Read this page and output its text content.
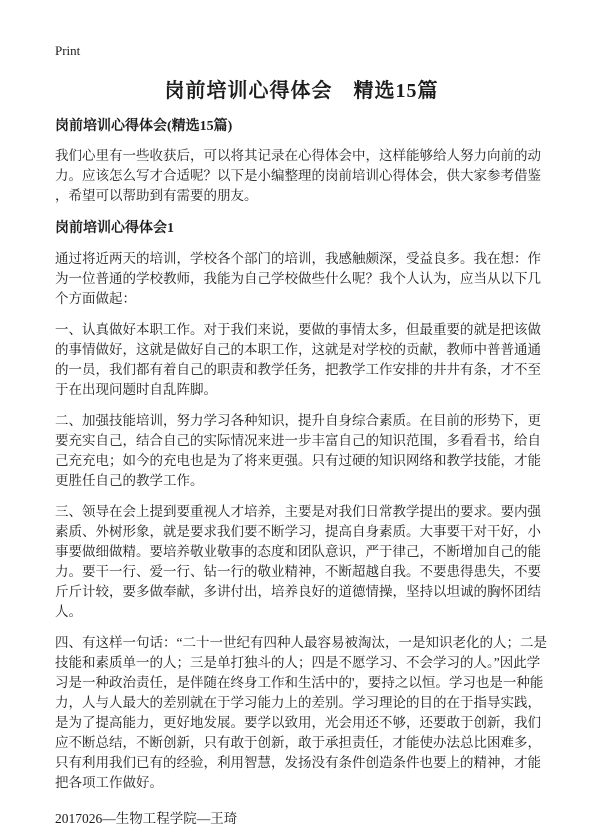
Print
岗前培训心得体会　精选15篇
岗前培训心得体会(精选15篇)

我们心里有一些收获后，可以将其记录在心得体会中，这样能够给人努力向前的动力。应该怎么写才合适呢？以下是小编整理的岗前培训心得体会，供大家参考借鉴，希望可以帮助到有需要的朋友。

岗前培训心得体会1

通过将近两天的培训，学校各个部门的培训，我感触颇深，受益良多。我在想：作为一位普通的学校教师，我能为自己学校做些什么呢？我个人认为，应当从以下几个方面做起：

一、认真做好本职工作。对于我们来说，要做的事情太多，但最重要的就是把该做的事情做好，这就是做好自己的本职工作，这就是对学校的贡献，教师中普普通通的一员，我们都有着自己的职责和教学任务，把教学工作安排的井井有条，才不至于在出现问题时自乱阵脚。

二、加强技能培训，努力学习各种知识，提升自身综合素质。在目前的形势下，更要充实自己，结合自己的实际情况来进一步丰富自己的知识范围，多看看书，给自己充充电；如今的充电也是为了将来更强。只有过硬的知识网络和教学技能，才能更胜任自己的教学工作。

三、领导在会上提到要重视人才培养，主要是对我们日常教学提出的要求。要内强素质、外树形象，就是要求我们要不断学习，提高自身素质。大事要干对干好，小事要做细做精。要培养敬业敬事的态度和团队意识，严于律己，不断增加自己的能力。要干一行、爱一行、钻一行的敬业精神，不断超越自我。不要患得患失，不要斤斤计较，要多做奉献，多讲付出，培养良好的道德情操，坚持以坦诚的胸怀团结人。

四、有这样一句话：“二十一世纪有四种人最容易被淘汰，一是知识老化的人；二是技能和素质单一的人；三是单打独斗的人；四是不愿学习、不会学习的人。”因此学习是一种政治责任，是伴随在终身工作和生活中的'，要持之以恒。学习也是一种能力，人与人最大的差别就在于学习能力上的差别。学习理论的目的在于指导实践，是为了提高能力，更好地发展。要学以致用，光会用还不够，还要敢于创新，我们应不断总结，不断创新，只有敢于创新，敢于承担责任，才能使办法总比困难多，只有利用我们已有的经验，利用智慧，发扬没有条件创造条件也要上的精神，才能把各项工作做好。

2017026—生物工程学院—王琦
